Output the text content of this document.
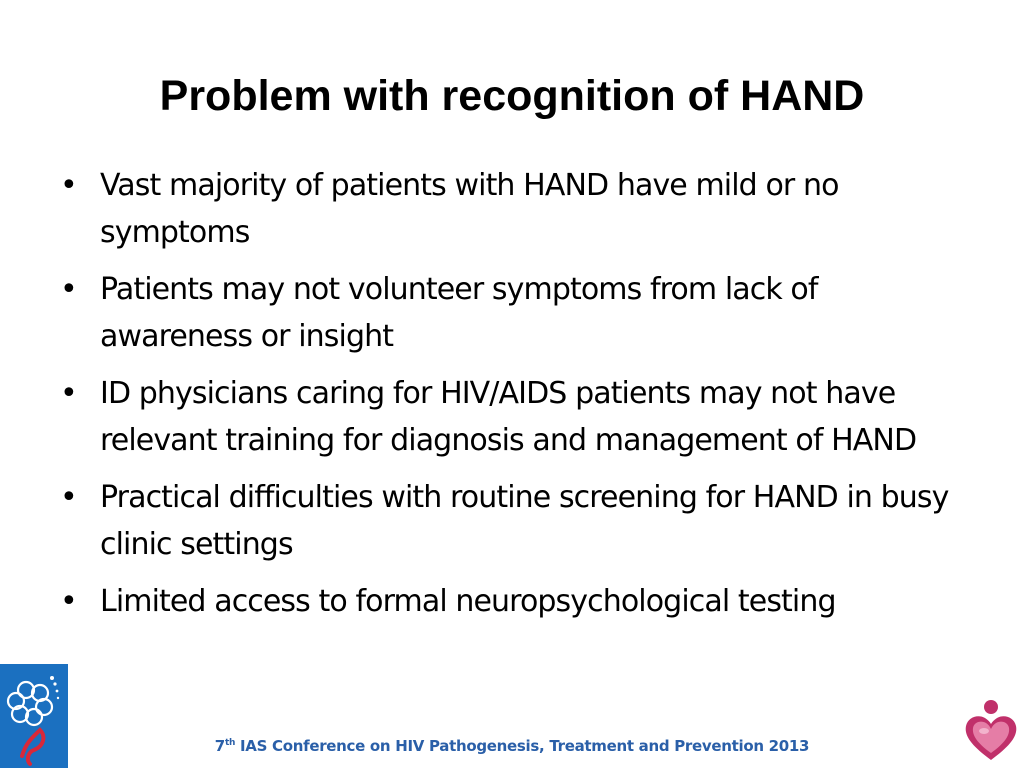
Problem with recognition of HAND
• Vast majority of patients with HAND have mild or no symptoms
• Patients may not volunteer symptoms from lack of awareness or insight
• ID physicians caring for HIV/AIDS patients may not have relevant training for diagnosis and management of HAND
• Practical difficulties with routine screening for HAND in busy clinic settings
• Limited access to formal neuropsychological testing
7th IAS Conference on HIV Pathogenesis, Treatment and Prevention 2013
